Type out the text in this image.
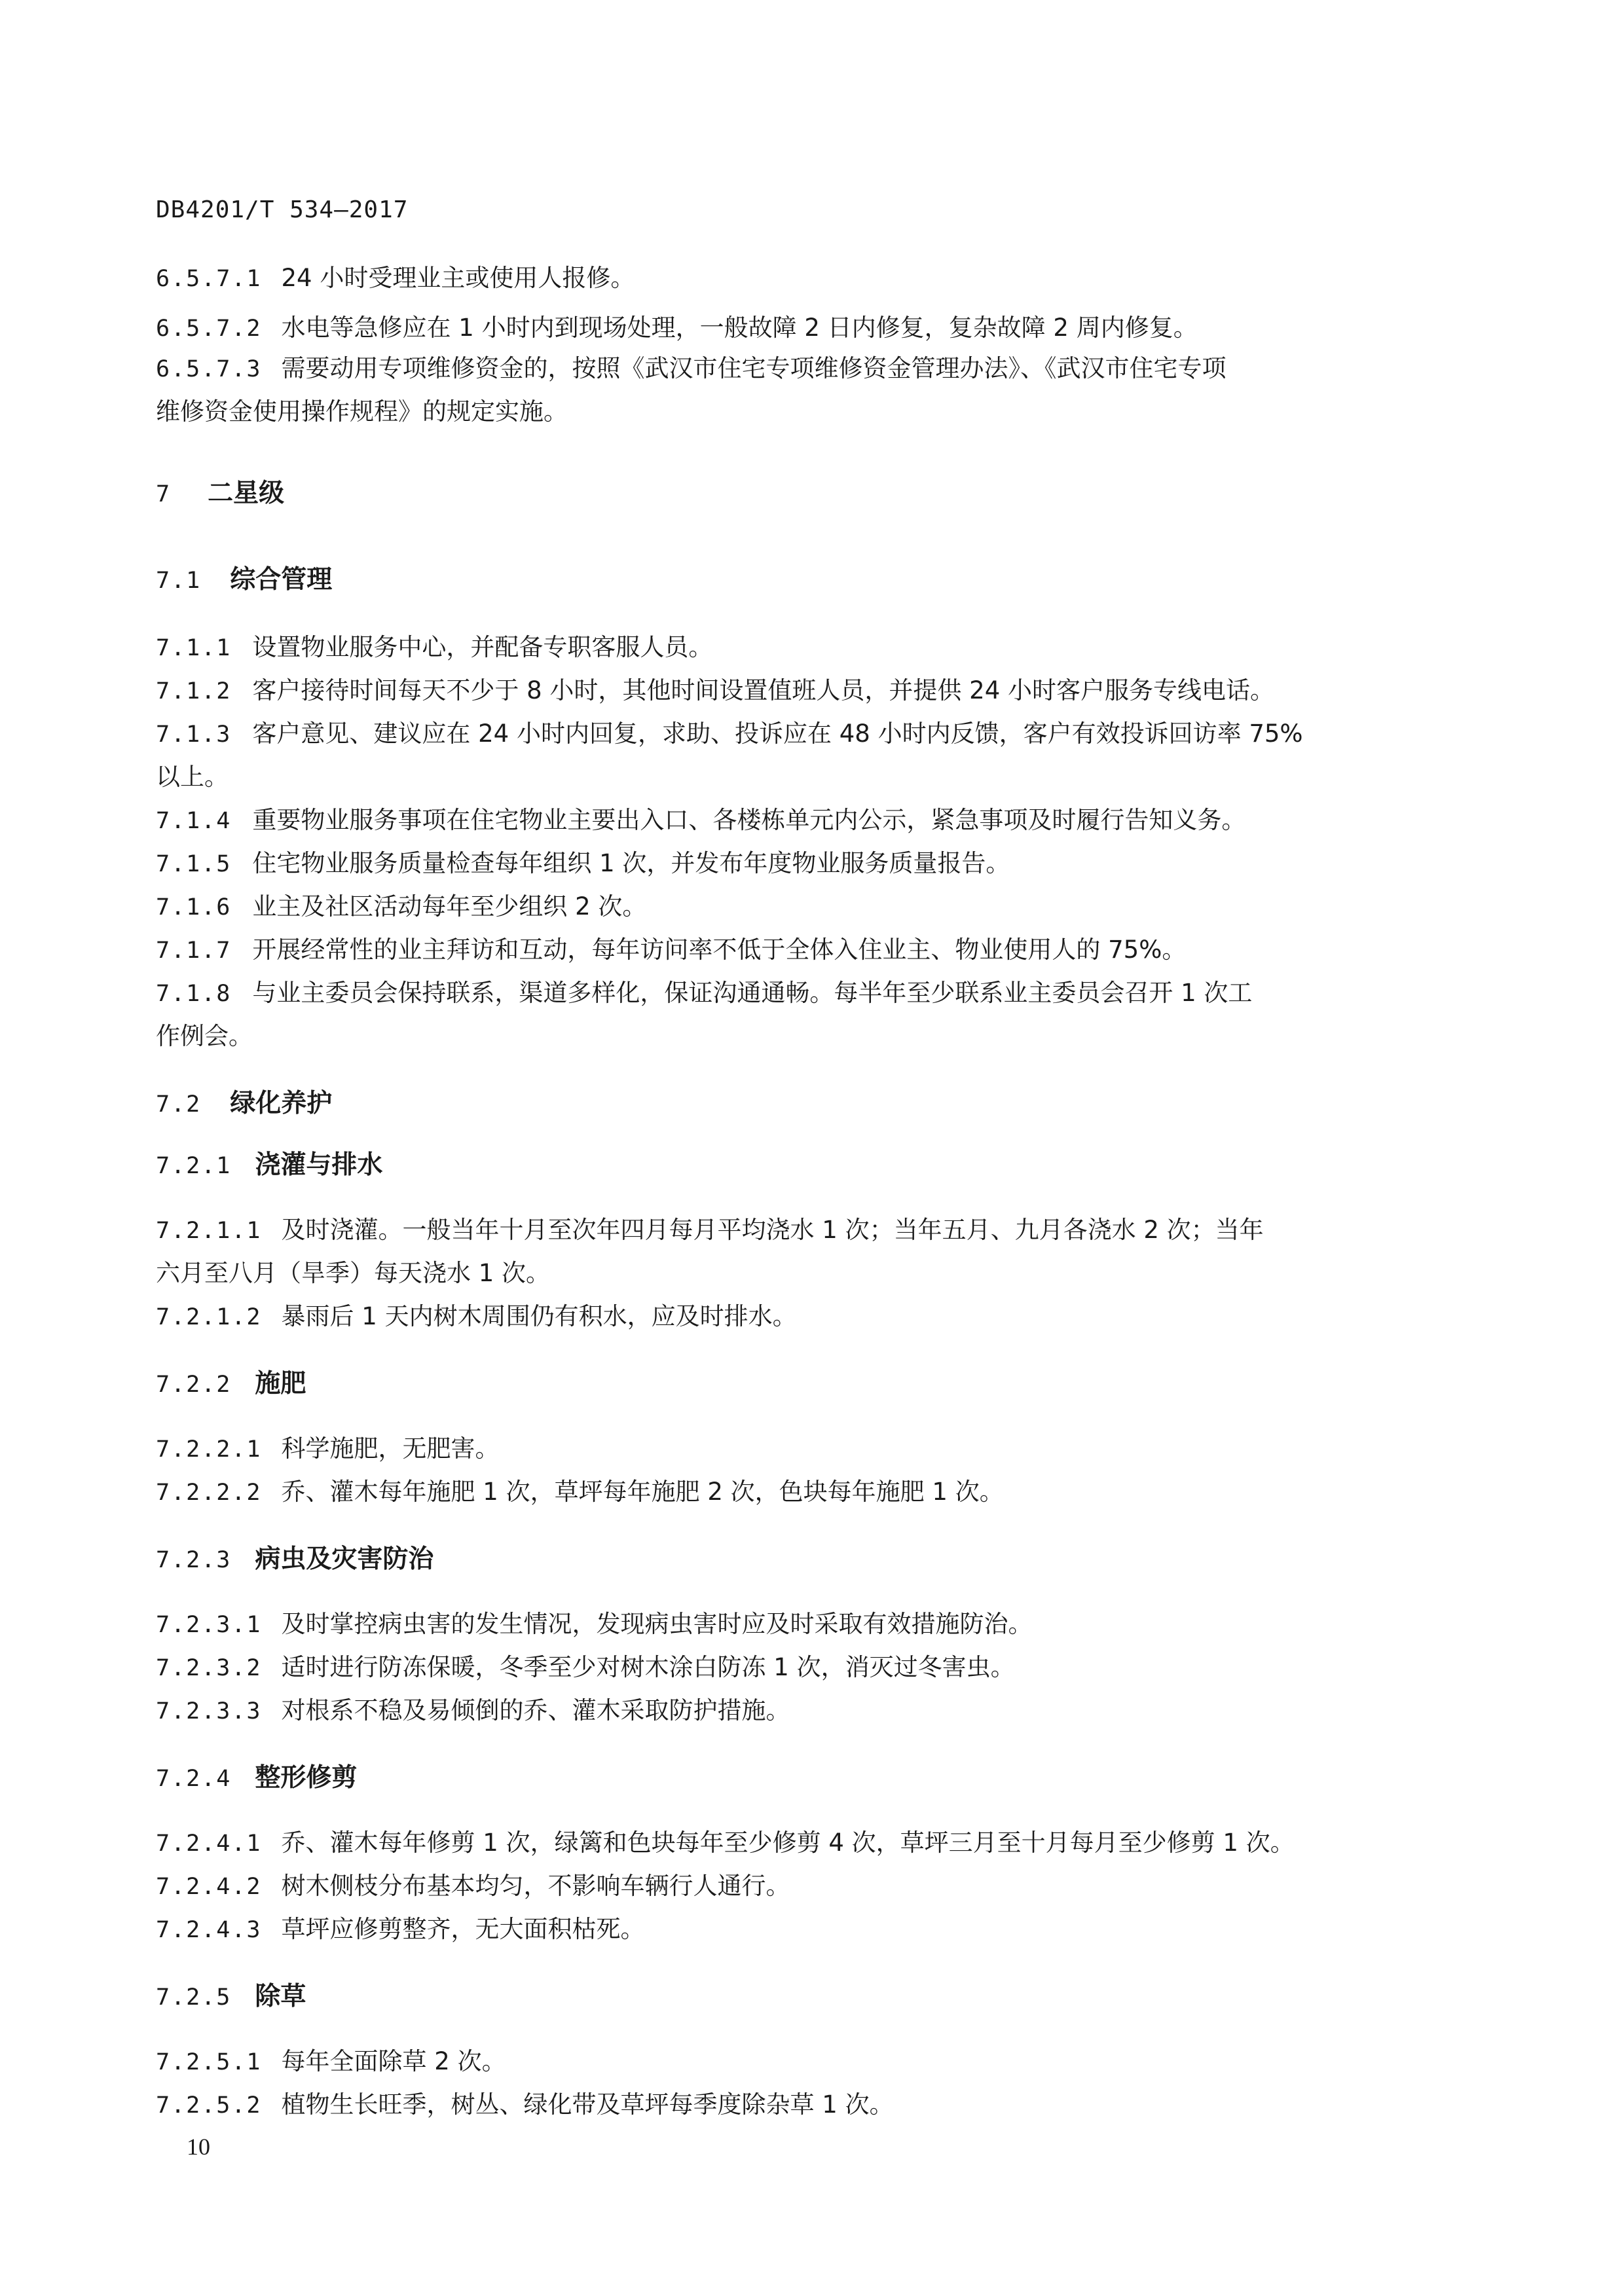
DB4201/T 534—2017
6.5.7.1 24 小时受理业主或使用人报修。
6.5.7.2 水电等急修应在 1 小时内到现场处理，一般故障 2 日内修复，复杂故障 2 周内修复。
6.5.7.3 需要动用专项维修资金的，按照《武汉市住宅专项维修资金管理办法》、《武汉市住宅专项
维修资金使用操作规程》的规定实施。
7 二星级
7.1 综合管理
7.1.1 设置物业服务中心，并配备专职客服人员。
7.1.2 客户接待时间每天不少于 8 小时，其他时间设置值班人员，并提供 24 小时客户服务专线电话。
7.1.3 客户意见、建议应在 24 小时内回复，求助、投诉应在 48 小时内反馈，客户有效投诉回访率 75%
以上。
7.1.4 重要物业服务事项在住宅物业主要出入口、各楼栋单元内公示，紧急事项及时履行告知义务。
7.1.5 住宅物业服务质量检查每年组织 1 次，并发布年度物业服务质量报告。
7.1.6 业主及社区活动每年至少组织 2 次。
7.1.7 开展经常性的业主拜访和互动，每年访问率不低于全体入住业主、物业使用人的 75%。
7.1.8 与业主委员会保持联系，渠道多样化，保证沟通通畅。每半年至少联系业主委员会召开 1 次工
作例会。
7.2 绿化养护
7.2.1 浇灌与排水
7.2.1.1 及时浇灌。一般当年十月至次年四月每月平均浇水 1 次；当年五月、九月各浇水 2 次；当年
六月至八月（旱季）每天浇水 1 次。
7.2.1.2 暴雨后 1 天内树木周围仍有积水，应及时排水。
7.2.2 施肥
7.2.2.1 科学施肥，无肥害。
7.2.2.2 乔、灌木每年施肥 1 次，草坪每年施肥 2 次，色块每年施肥 1 次。
7.2.3 病虫及灾害防治
7.2.3.1 及时掌控病虫害的发生情况，发现病虫害时应及时采取有效措施防治。
7.2.3.2 适时进行防冻保暖，冬季至少对树木涂白防冻 1 次，消灭过冬害虫。
7.2.3.3 对根系不稳及易倾倒的乔、灌木采取防护措施。
7.2.4 整形修剪
7.2.4.1 乔、灌木每年修剪 1 次，绿篱和色块每年至少修剪 4 次，草坪三月至十月每月至少修剪 1 次。
7.2.4.2 树木侧枝分布基本均匀，不影响车辆行人通行。
7.2.4.3 草坪应修剪整齐，无大面积枯死。
7.2.5 除草
7.2.5.1 每年全面除草 2 次。
7.2.5.2 植物生长旺季，树丛、绿化带及草坪每季度除杂草 1 次。
10
